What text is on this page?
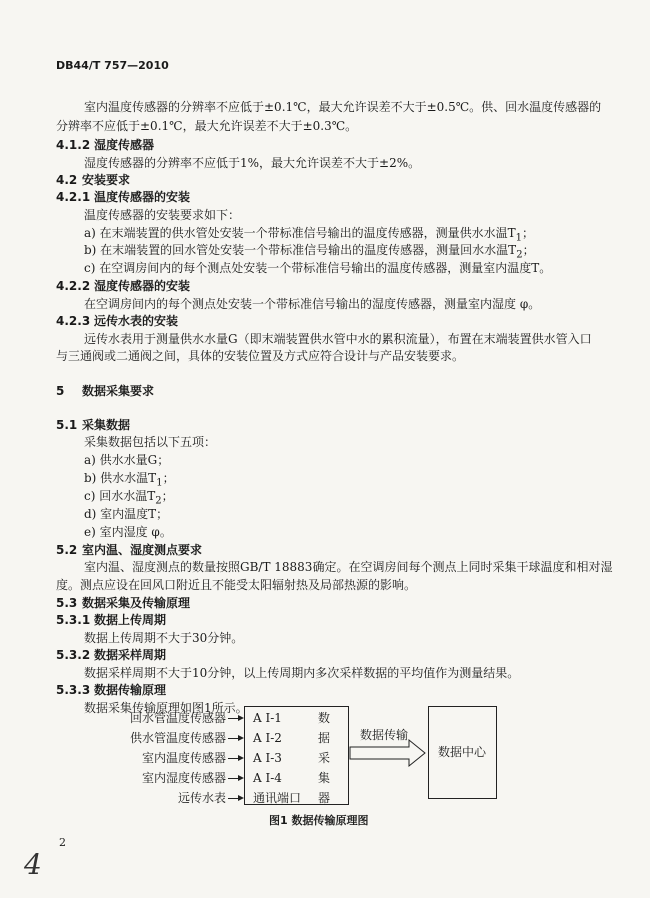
DB44/T 757—2010
室内温度传感器的分辨率不应低于±0.1℃，最大允许误差不大于±0.5℃。供、回水温度传感器的
分辨率不应低于±0.1℃，最大允许误差不大于±0.3℃。
4.1.2 湿度传感器
湿度传感器的分辨率不应低于1%，最大允许误差不大于±2%。
4.2 安装要求
4.2.1 温度传感器的安装
温度传感器的安装要求如下：
a) 在末端装置的供水管处安装一个带标准信号输出的温度传感器，测量供水水温$T_1$；
b) 在末端装置的回水管处安装一个带标准信号输出的温度传感器，测量回水水温$T_2$；
c) 在空调房间内的每个测点处安装一个带标准信号输出的温度传感器，测量室内温度T。
4.2.2 湿度传感器的安装
在空调房间内的每个测点处安装一个带标准信号输出的湿度传感器，测量室内湿度 φ。
4.2.3 远传水表的安装
远传水表用于测量供水水量G（即末端装置供水管中水的累积流量），布置在末端装置供水管入口
与三通阀或二通阀之间，具体的安装位置及方式应符合设计与产品安装要求。
5 数据采集要求
5.1 采集数据
采集数据包括以下五项：
a) 供水水量G；
b) 供水水温$T_1$；
c) 回水水温$T_2$；
d) 室内温度T；
e) 室内湿度 φ。
5.2 室内温、湿度测点要求
室内温、湿度测点的数量按照GB/T 18883确定。在空调房间每个测点上同时采集干球温度和相对湿
度。测点应设在回风口附近且不能受太阳辐射热及局部热源的影响。
5.3 数据采集及传输原理
5.3.1 数据上传周期
数据上传周期不大于30分钟。
5.3.2 数据采样周期
数据采样周期不大于10分钟，以上传周期内多次采样数据的平均值作为测量结果。
5.3.3 数据传输原理
数据采集传输原理如图1所示。
回水管温度传感器
供水管温度传感器
室内温度传感器
室内湿度传感器
远传水表
A I-1
A I-2
A I-3
A I-4
通讯端口
数
据
采
集
器
数据传输
数据中心
图1 数据传输原理图
2
4
